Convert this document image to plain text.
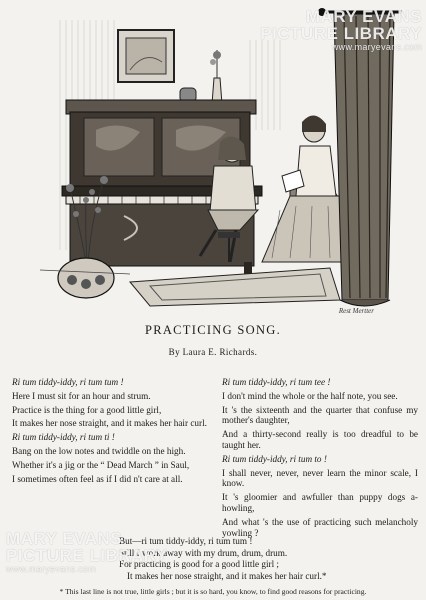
MARY EVANS
PICTURE LIBRARY
www.maryevans.com
Rest Mertter
PRACTICING SONG.
By Laura E. Richards.
Ri tum tiddy-iddy, ri tum tum !
Here I must sit for an hour and strum.
Practice is the thing for a good little girl,
It makes her nose straight, and it makes her hair curl.
Ri tum tiddy-iddy, ri tum ti !
Bang on the low notes and twiddle on the high.
Whether it's a jig or the “ Dead March ” in Saul,
I sometimes often feel as if I did n't care at all.
Ri tum tiddy-iddy, ri tum tee !
I don't mind the whole or the half note, you see.
It 's the sixteenth and the quarter that confuse my mother's daughter,
And a thirty-second really is too dreadful to be taught her.
Ri tum tiddy-iddy, ri tum to !
I shall never, never, never learn the minor scale, I know.
It 's gloomier and awfuller than puppy dogs a-howling,
And what 's the use of practicing such melancholy yowling ?
But—ri tum tiddy-iddy, ri tum tum !
Still I work away with my drum, drum, drum.
For practicing is good for a good little girl ;
It makes her nose straight, and it makes her hair curl.*
MARY EVANS
PICTURE LIBRARY
www.maryevans.com
* This last line is not true, little girls ; but it is so hard, you know, to find good reasons for practicing.
